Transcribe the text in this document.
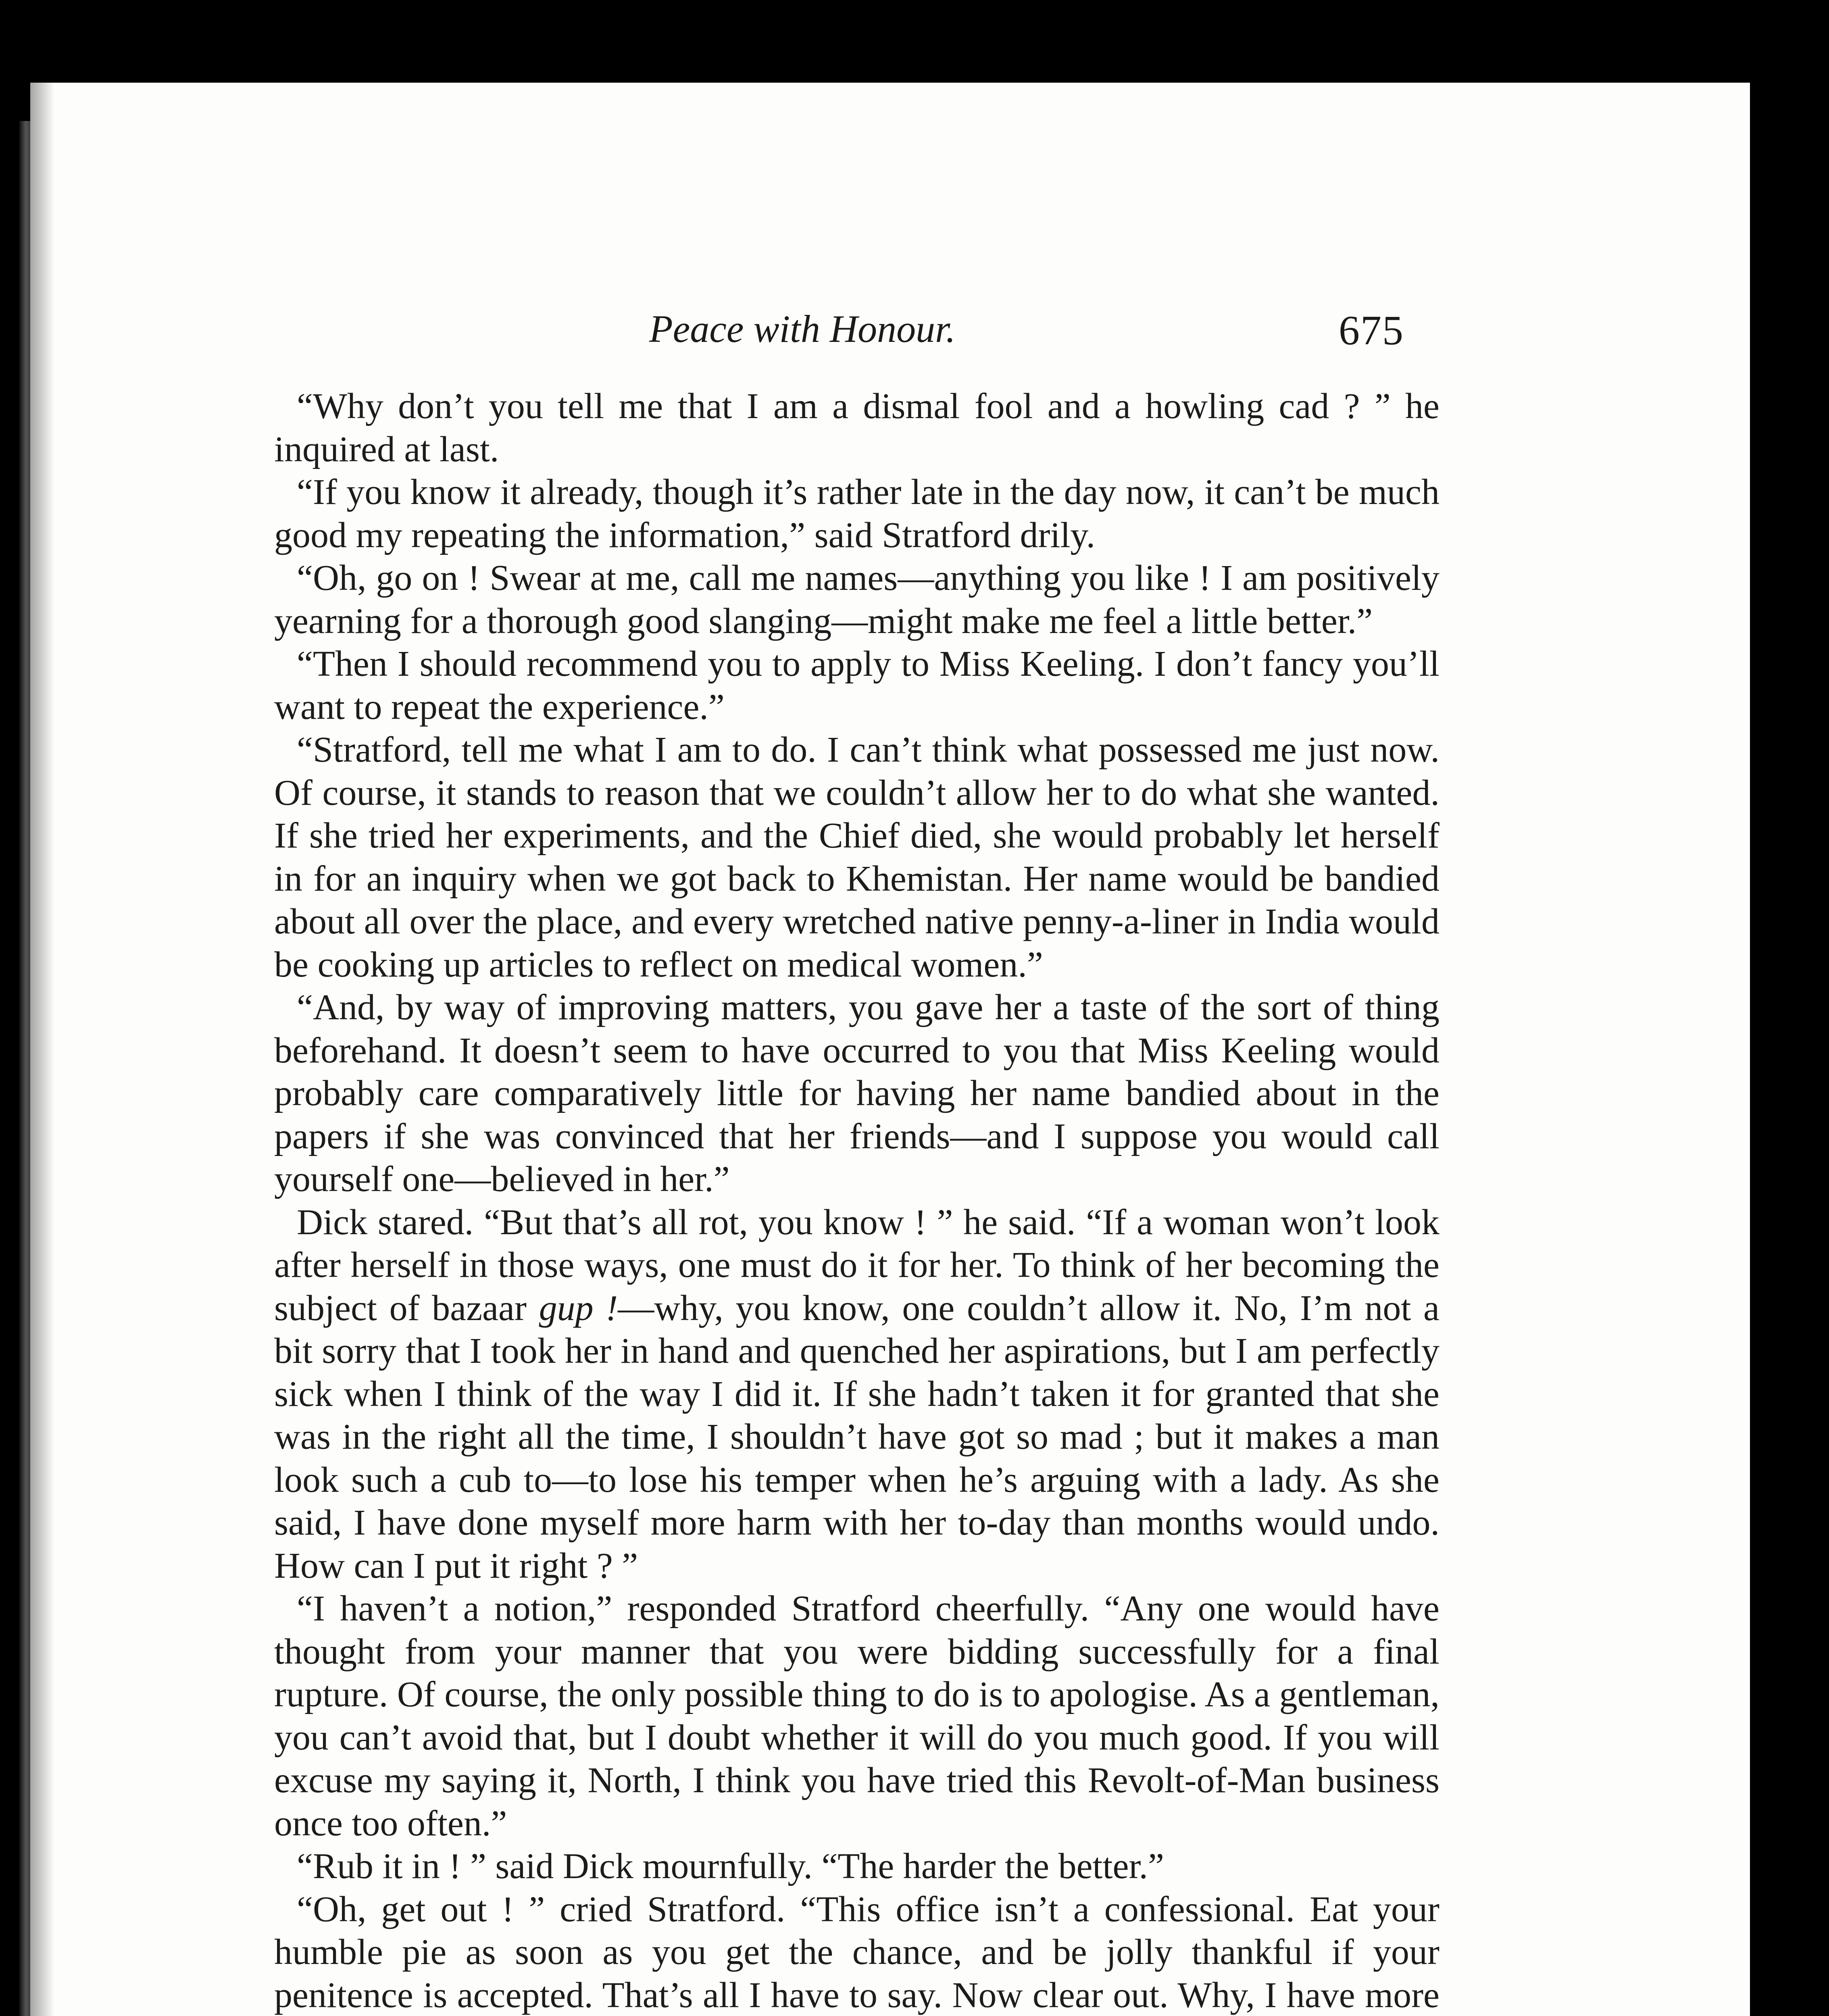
Peace with Honour.	675

“Why don’t you tell me that I am a dismal fool and a howling cad ? ” he inquired at last.

“If you know it already, though it’s rather late in the day now, it can’t be much good my repeating the information,” said Stratford drily.

“Oh, go on ! Swear at me, call me names—anything you like ! I am positively yearning for a thorough good slanging—might make me feel a little better.”

“Then I should recommend you to apply to Miss Keeling. I don’t fancy you’ll want to repeat the experience.”

“Stratford, tell me what I am to do. I can’t think what possessed me just now. Of course, it stands to reason that we couldn’t allow her to do what she wanted. If she tried her experiments, and the Chief died, she would probably let herself in for an inquiry when we got back to Khemistan. Her name would be bandied about all over the place, and every wretched native penny-a-liner in India would be cooking up articles to reflect on medical women.”

“And, by way of improving matters, you gave her a taste of the sort of thing beforehand. It doesn’t seem to have occurred to you that Miss Keeling would probably care comparatively little for having her name bandied about in the papers if she was convinced that her friends—and I suppose you would call yourself one—believed in her.”

Dick stared. “But that’s all rot, you know ! ” he said. “If a woman won’t look after herself in those ways, one must do it for her. To think of her becoming the subject of bazaar gup !—why, you know, one couldn’t allow it. No, I’m not a bit sorry that I took her in hand and quenched her aspirations, but I am perfectly sick when I think of the way I did it. If she hadn’t taken it for granted that she was in the right all the time, I shouldn’t have got so mad ; but it makes a man look such a cub to—to lose his temper when he’s arguing with a lady. As she said, I have done myself more harm with her to-day than months would undo. How can I put it right ? ”

“I haven’t a notion,” responded Stratford cheerfully. “Any one would have thought from your manner that you were bidding successfully for a final rupture. Of course, the only possible thing to do is to apologise. As a gentleman, you can’t avoid that, but I doubt whether it will do you much good. If you will excuse my saying it, North, I think you have tried this Revolt-of-Man business once too often.”

“Rub it in ! ” said Dick mournfully. “The harder the better.”

“Oh, get out ! ” cried Stratford. “This office isn’t a confessional. Eat your humble pie as soon as you get the chance, and be jolly thankful if your penitence is accepted. That’s all I have to say. Now clear out. Why, I have more
